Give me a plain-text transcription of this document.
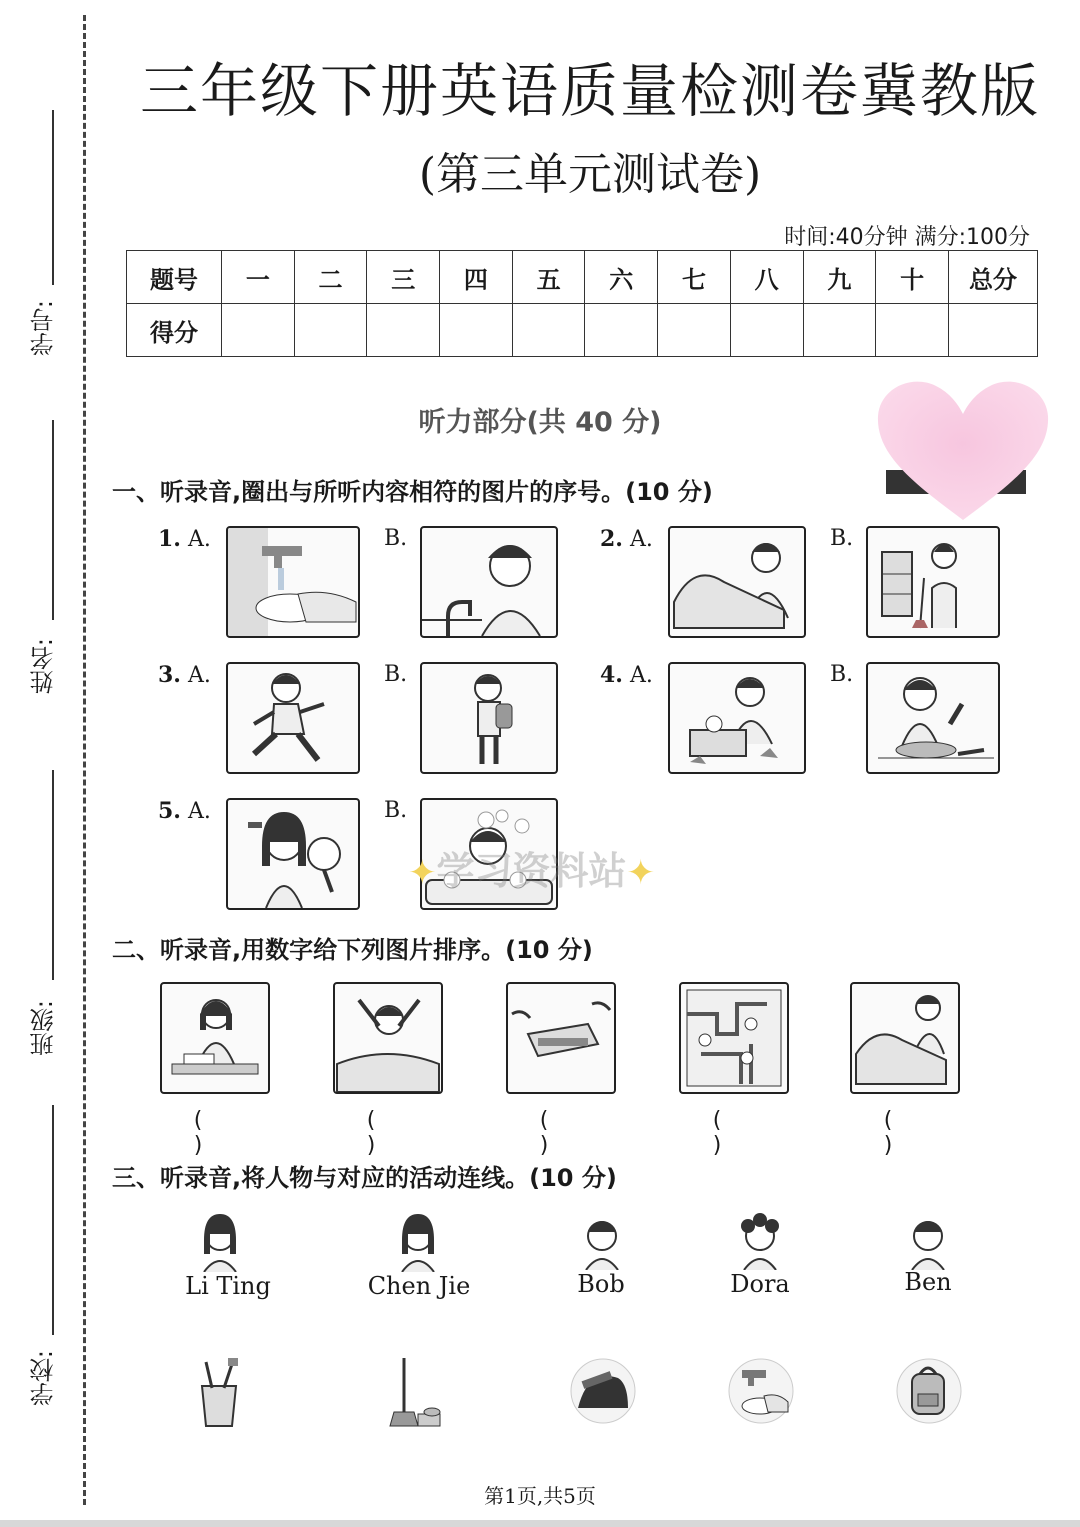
学号:
姓名:
班级:
学校:
三年级下册英语质量检测卷冀教版
(第三单元测试卷)
时间:40分钟 满分:100分
题号	一	二	三	四	五	六	七	八	九	十	总分
得分											
听力部分(共 40 分)
一、听录音,圈出与所听内容相符的图片的序号。(10 分)
1. A.	B.	2. A.	B.
3. A.	B.	4. A.	B.
5. A.	B.
✦学习资料站✦
二、听录音,用数字给下列图片排序。(10 分)
( )
( )
( )
( )
( )
三、听录音,将人物与对应的活动连线。(10 分)
Li Ting	Chen Jie	Bob	Dora	Ben
第1页,共5页
